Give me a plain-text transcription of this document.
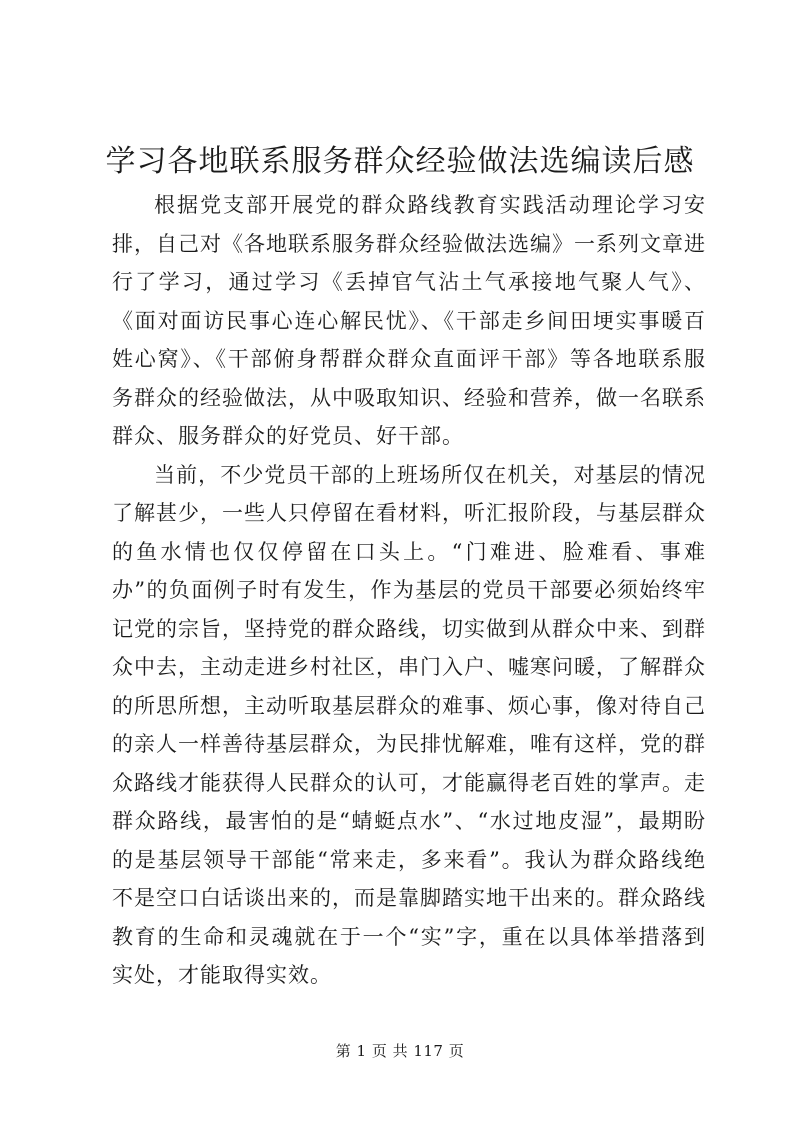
学习各地联系服务群众经验做法选编读后感

根据党支部开展党的群众路线教育实践活动理论学习安排，自己对《各地联系服务群众经验做法选编》一系列文章进行了学习，通过学习《丢掉官气沾土气承接地气聚人气》、《面对面访民事心连心解民忧》、《干部走乡间田埂实事暖百姓心窝》、《干部俯身帮群众群众直面评干部》等各地联系服务群众的经验做法，从中吸取知识、经验和营养，做一名联系群众、服务群众的好党员、好干部。

当前，不少党员干部的上班场所仅在机关，对基层的情况了解甚少，一些人只停留在看材料，听汇报阶段，与基层群众的鱼水情也仅仅停留在口头上。“门难进、脸难看、事难办”的负面例子时有发生，作为基层的党员干部要必须始终牢记党的宗旨，坚持党的群众路线，切实做到从群众中来、到群众中去，主动走进乡村社区，串门入户、嘘寒问暖，了解群众的所思所想，主动听取基层群众的难事、烦心事，像对待自己的亲人一样善待基层群众，为民排忧解难，唯有这样，党的群众路线才能获得人民群众的认可，才能赢得老百姓的掌声。走群众路线，最害怕的是“蜻蜓点水”、“水过地皮湿”，最期盼的是基层领导干部能“常来走，多来看”。我认为群众路线绝不是空口白话谈出来的，而是靠脚踏实地干出来的。群众路线教育的生命和灵魂就在于一个“实”字，重在以具体举措落到实处，才能取得实效。

第 1 页 共 117 页
